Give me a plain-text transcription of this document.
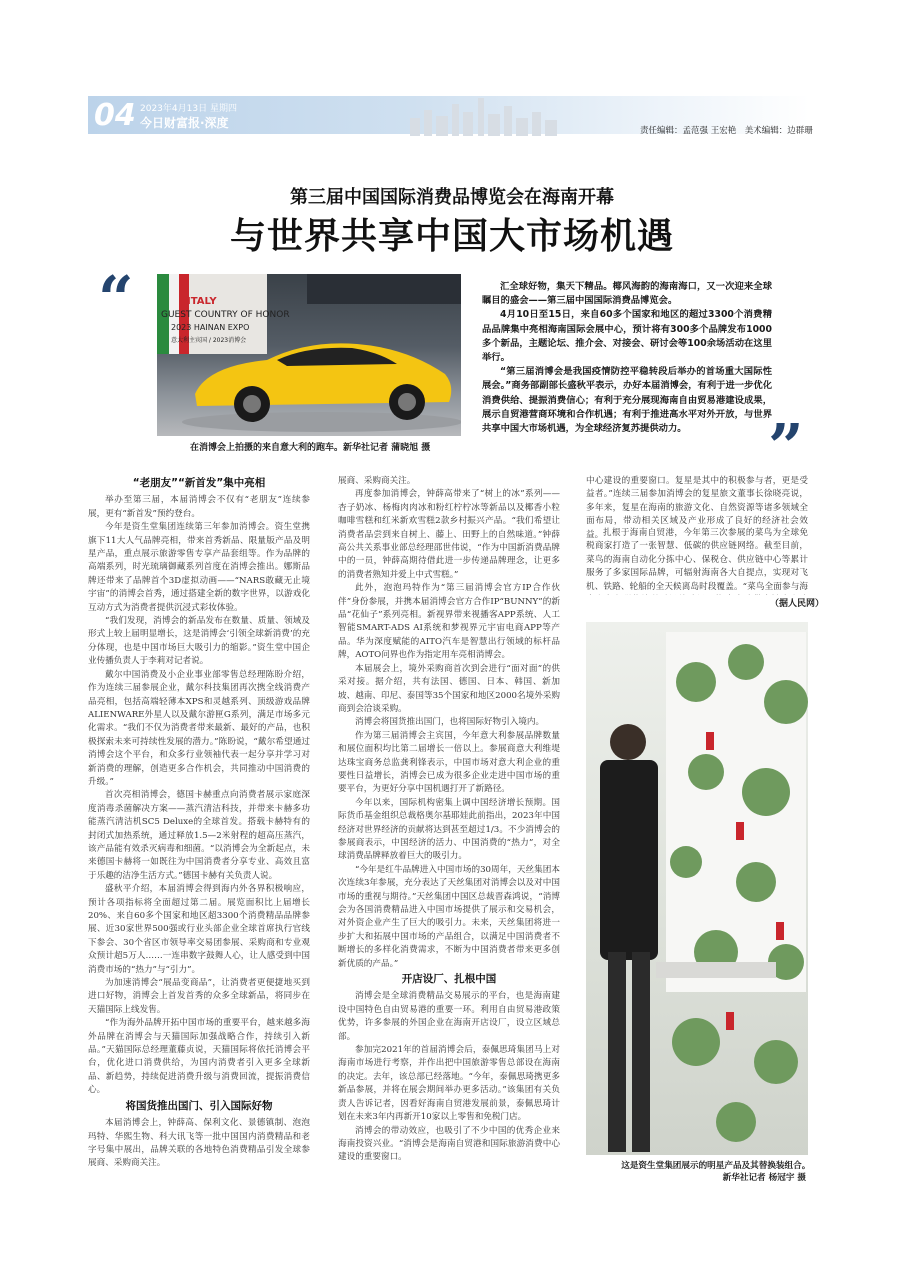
04 2023年4月13日 星期四
今日财富报·深度
责任编辑：孟范强 王宏艳　美术编辑：边群珊
第三届中国国际消费品博览会在海南开幕
与世界共享中国大市场机遇
“
”
ITALY
GUEST COUNTRY OF HONOR
2023 HAINAN EXPO
意大利主宾国 / 2023消博会
在消博会上拍摄的来自意大利的跑车。新华社记者 蒲晓旭 摄

汇全球好物，集天下精品。椰风海韵的海南海口，又一次迎来全球瞩目的盛会——第三届中国国际消费品博览会。

4月10日至15日，来自60多个国家和地区的超过3300个消费精品品牌集中亮相海南国际会展中心，预计将有300多个品牌发布1000多个新品，主题论坛、推介会、对接会、研讨会等100余场活动在这里举行。

“第三届消博会是我国疫情防控平稳转段后举办的首场重大国际性展会。”商务部副部长盛秋平表示，办好本届消博会，有利于进一步优化消费供给、提振消费信心；有利于充分展现海南自由贸易港建设成果，展示自贸港营商环境和合作机遇；有利于推进高水平对外开放，与世界共享中国大市场机遇，为全球经济复苏提供动力。

“老朋友”“新首发”集中亮相

举办至第三届，本届消博会不仅有“老朋友”连续参展，更有“新首发”预约登台。

今年是资生堂集团连续第三年参加消博会。资生堂携旗下11大人气品牌亮相，带来首秀新品、限量版产品及明星产品，重点展示旅游零售专享产品套组等。作为品牌的高端系列，时光琉璃御藏系列首度在消博会推出。娜斯品牌还带来了品牌首个3D虚拟动画——“NARS敢藏无止境宇宙”的消博会首秀，通过搭建全新的数字世界，以游戏化互动方式为消费者提供沉浸式彩妆体验。

“我们发现，消博会的新品发布在数量、质量、领域及形式上较上届明显增长，这是消博会‘引领全球新消费’的充分体现，也是中国市场巨大吸引力的缩影。”资生堂中国企业传播负责人于李莉对记者说。

戴尔中国消费及小企业事业部零售总经理陈盼介绍，作为连续三届参展企业，戴尔科技集团再次携全线消费产品亮相，包括高端轻薄本XPS和灵越系列、顶级游戏品牌ALIENWARE外星人以及戴尔游匣G系列，满足市场多元化需求。“我们不仅为消费者带来最新、最好的产品，也积极探索未来可持续性发展的潜力。”陈盼说，“戴尔希望通过消博会这个平台，和众多行业领袖代表一起分享并学习对新消费的理解，创造更多合作机会，共同推动中国消费的升级。”

首次亮相消博会，德国卡赫重点向消费者展示家庭深度消毒杀菌解决方案——蒸汽清洁科技，并带来卡赫多功能蒸汽清洁机SC5 Deluxe的全球首发。搭载卡赫特有的封闭式加热系统，通过释放1.5—2米射程的超高压蒸汽，该产品能有效杀灭病毒和细菌。“以消博会为全新起点，未来德国卡赫将一如既往为中国消费者分享专业、高效且富于乐趣的洁净生活方式。”德国卡赫有关负责人说。

盛秋平介绍，本届消博会得到海内外各界积极响应，预计各项指标将全面超过第二届。展览面积比上届增长20%、来自60多个国家和地区超3300个消费精品品牌参展、近30家世界500强或行业头部企业全球首席执行官线下参会、30个省区市领导率交易团参展、采购商和专业观众预计超5万人……一连串数字鼓舞人心，让人感受到中国消费市场的“热力”与“引力”。

为加速消博会“展品变商品”，让消费者更便捷地买到进口好物，消博会上首发首秀的众多全球新品，将同步在天猫国际上线发售。

“作为海外品牌开拓中国市场的重要平台，越来越多海外品牌在消博会与天猫国际加强战略合作，持续引入新品。”天猫国际总经理董藤贞说，天猫国际将依托消博会平台，优化进口消费供给，为国内消费者引入更多全球新品、新趋势，持续促进消费升级与消费回流，提振消费信心。

将国货推出国门、引入国际好物

本届消博会上，钟薛高、保利文化、景德镇制、泡泡玛特、华熙生物、科大讯飞等一批中国国内消费精品和老字号集中展出，品牌关联的各地特色消费精品引发全球参展商、采购商关注。

展商、采购商关注。

再度参加消博会，钟薛高带来了“树上的冰”系列——杏子奶冰、杨梅肉肉冰和粉红柠柠冰等新品以及椰香小粒咖啡雪糕和红米新欢雪糕2款乡村振兴产品。“我们希望让消费者品尝到来自树上、藤上、田野上的自然味道。”钟薛高公共关系事业部总经理邵世伟说，“作为中国新消费品牌中的一员，钟薛高期待借此进一步传递品牌理念，让更多的消费者熟知并爱上中式雪糕。”

此外，泡泡玛特作为“第三届消博会官方IP合作伙伴”身份参展，并携本届消博会官方合作IP“BUNNY”的新品“花仙子”系列亮相。新视界带来视播客APP系统、人工智能SMART-ADS AI系统和梦视界元宇宙电商APP等产品。华为深度赋能的AITO汽车是智慧出行领域的标杆品牌，AOTO问界也作为指定用车亮相消博会。

本届展会上，境外采购商首次到会进行“面对面”的供采对接。据介绍，共有法国、德国、日本、韩国、新加坡、越南、印尼、泰国等35个国家和地区2000名境外采购商到会洽谈采购。

消博会将国货推出国门，也将国际好物引入境内。

作为第三届消博会主宾国，今年意大利参展品牌数量和展位面积均比第二届增长一倍以上。参展商意大利维堤达珠宝商务总监龚利锋表示，中国市场对意大利企业的重要性日益增长，消博会已成为很多企业走进中国市场的重要平台，为更好分享中国机遇打开了新路径。

今年以来，国际机构密集上调中国经济增长预期。国际货币基金组织总裁格奥尔基耶娃此前指出，2023年中国经济对世界经济的贡献将达到甚至超过1/3。不少消博会的参展商表示，中国经济的活力、中国消费的“热力”，对全球消费品牌释放着巨大的吸引力。

“今年是红牛品牌进入中国市场的30周年，天丝集团本次连续3年参展，充分表达了天丝集团对消博会以及对中国市场的重视与期待。”天丝集团中国区总裁晋森鸿说，“消博会为各国消费精品进入中国市场提供了展示和交易机会，对外资企业产生了巨大的吸引力。未来，天丝集团将进一步扩大和拓展中国市场的产品组合，以满足中国消费者不断增长的多样化消费需求，不断为中国消费者带来更多创新优质的产品。”

开店设厂、扎根中国

消博会是全球消费精品交易展示的平台，也是海南建设中国特色自由贸易港的重要一环。利用自由贸易港政策优势，许多参展的外国企业在海南开店设厂，设立区域总部。

参加完2021年的首届消博会后，泰佩思琦集团马上对海南市场进行考察，并作出把中国旅游零售总部设在海南的决定。去年，该总部已经落地。“今年，泰佩思琦携更多新品参展，并将在展会期间举办更多活动。”该集团有关负责人告诉记者，因看好海南自贸港发展前景，泰佩思琦计划在未来3年内再新开10家以上零售和免税门店。

消博会的带动效应，也吸引了不少中国的优秀企业来海南投资兴业。“消博会是海南自贸港和国际旅游消费中心建设的重要窗口。

中心建设的重要窗口。复星是其中的积极参与者，更是受益者。”连续三届参加消博会的复星旅文董事长徐晓亮说，多年来，复星在海南的旅游文化、自然资源等诸多领域全面布局，带动相关区域及产业形成了良好的经济社会效益。 扎根于海南自贸港，今年第三次参展的菜鸟为全球免税商家打造了一张智慧、低碳的供应链网络。截至目前，菜鸟的海南自动化分拣中心、保税仓、供应链中心等累计服务了多家国际品牌，可辐射海南各大自提点，实现对飞机、铁路、轮船的全天候离岛时段覆盖。“菜鸟全面参与海

（据人民网）
这是资生堂集团展示的明星产品及其替换装组合。　　　新华社记者 杨冠宇 摄
